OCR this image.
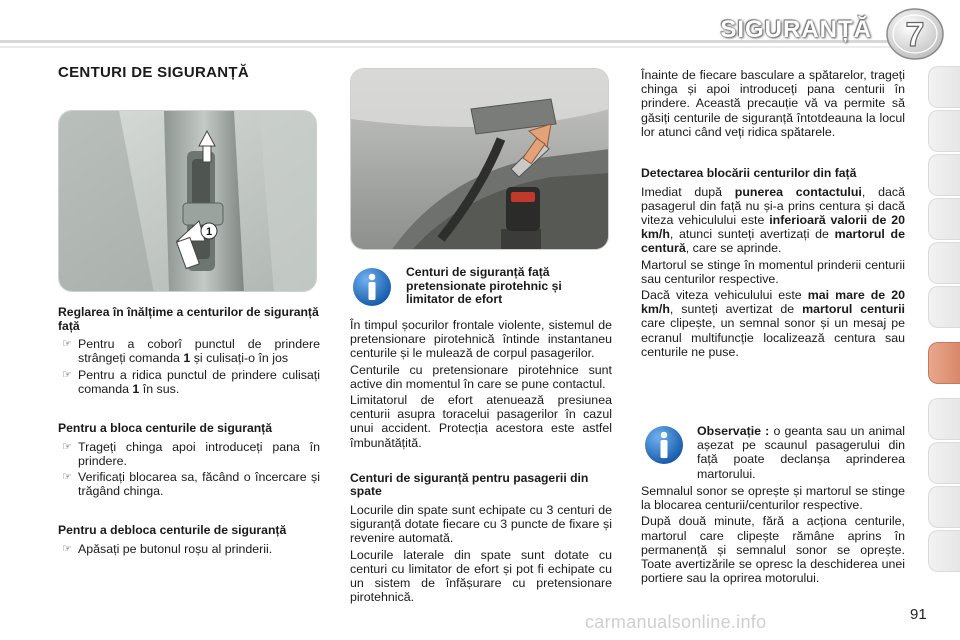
SIGURANȚĂ 7
CENTURI DE SIGURANȚĂ
1
Reglarea în înălțime a centurilor de siguranță față
☞ Pentru a coborî punctul de prindere strângeți comanda 1 și culisați-o în jos
☞ Pentru a ridica punctul de prindere culisați comanda 1 în sus.
Pentru a bloca centurile de siguranță
☞ Trageți chinga apoi introduceți pana în prindere.
☞ Verificați blocarea sa, făcând o încercare și trăgând chinga.
Pentru a debloca centurile de siguranță
☞ Apăsați pe butonul roșu al prinderii.
Centuri de siguranță față pretensionate pirotehnic și limitator de efort

În timpul șocurilor frontale violente, sistemul de pretensionare pirotehnică întinde instantaneu centurile și le mulează de corpul pasagerilor.

Centurile cu pretensionare pirotehnice sunt active din momentul în care se pune contactul.

Limitatorul de efort atenuează presiunea centurii asupra toracelui pasagerilor în cazul unui accident. Protecția acestora este astfel îmbunătățită.

Centuri de siguranță pentru pasagerii din spate

Locurile din spate sunt echipate cu 3 centuri de siguranță dotate fiecare cu 3 puncte de fixare și revenire automată.

Locurile laterale din spate sunt dotate cu centuri cu limitator de efort și pot fi echipate cu un sistem de înfășurare cu pretensionare pirotehnică.

Înainte de fiecare basculare a spătarelor, trageți chinga și apoi introduceți pana centurii în prindere. Această precauție vă va permite să găsiți centurile de siguranță întotdeauna la locul lor atunci când veți ridica spătarele.

Detectarea blocării centurilor din față

Imediat după punerea contactului, dacă pasagerul din față nu și-a prins centura și dacă viteza vehiculului este inferioară valorii de 20 km/h, atunci sunteți avertizați de martorul de centură, care se aprinde.

Martorul se stinge în momentul prinderii centurii sau centurilor respective.

Dacă viteza vehiculului este mai mare de 20 km/h, sunteți avertizat de martorul centurii care clipește, un semnal sonor și un mesaj pe ecranul multifuncție localizează centura sau centurile ne puse.

Observație : o geanta sau un animal așezat pe scaunul pasagerului din față poate declanșa aprinderea martorului.

Semnalul sonor se oprește și martorul se stinge la blocarea centurii/centurilor respective.

După două minute, fără a acționa centurile, martorul care clipește rămâne aprins în permanență și semnalul sonor se oprește. Toate avertizările se opresc la deschiderea unei portiere sau la oprirea motorului.

carmanualsonline.info	91
